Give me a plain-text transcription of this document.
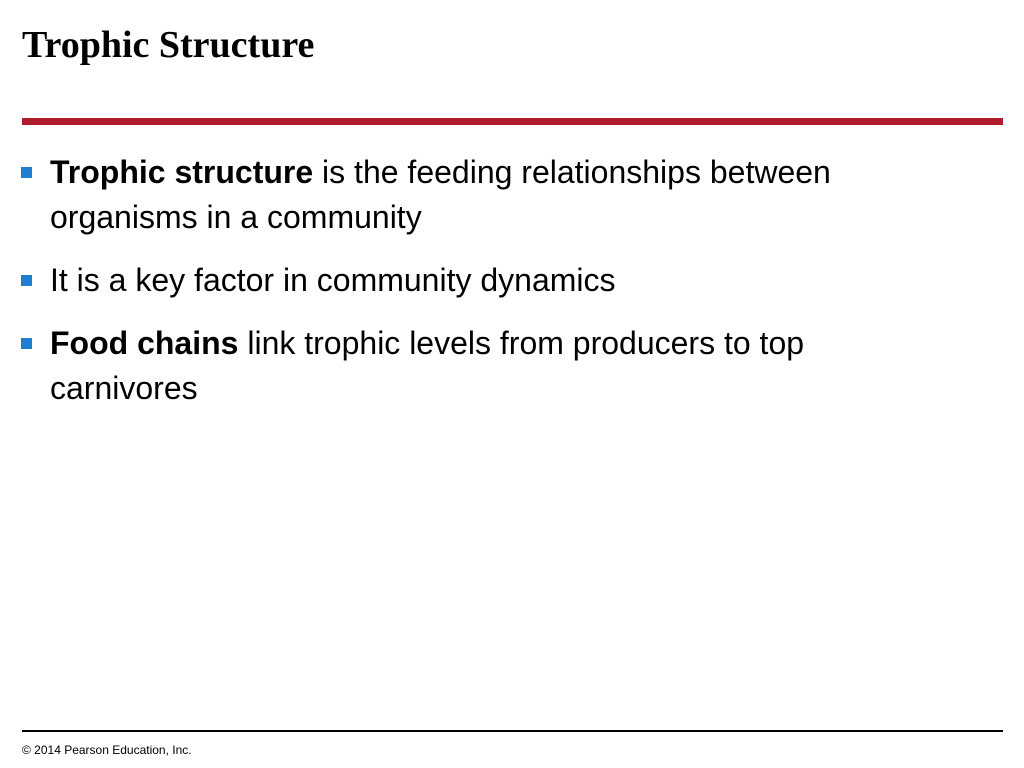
Trophic Structure
Trophic structure is the feeding relationships between organisms in a community
It is a key factor in community dynamics
Food chains link trophic levels from producers to top carnivores
© 2014 Pearson Education, Inc.
